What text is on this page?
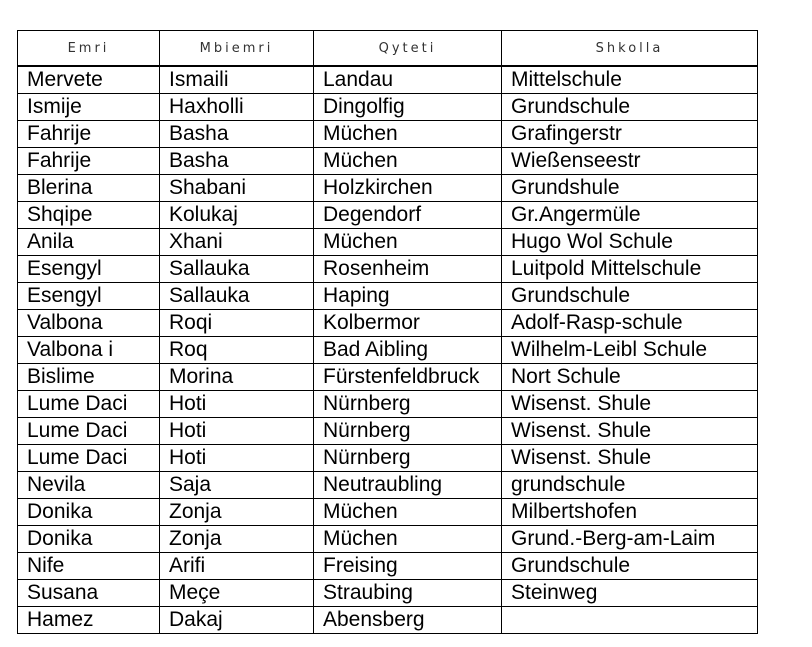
Emri	Mbiemri	Qyteti	Shkolla
Mervete	Ismaili	Landau	Mittelschule
Ismije	Haxholli	Dingolfig	Grundschule
Fahrije	Basha	Müchen	Grafingerstr
Fahrije	Basha	Müchen	Wießenseestr
Blerina	Shabani	Holzkirchen	Grundshule
Shqipe	Kolukaj	Degendorf	Gr.Angermüle
Anila	Xhani	Müchen	Hugo Wol Schule
Esengyl	Sallauka	Rosenheim	Luitpold Mittelschule
Esengyl	Sallauka	Haping	Grundschule
Valbona	Roqi	Kolbermor	Adolf-Rasp-schule
Valbona i	Roq	Bad Aibling	Wilhelm-Leibl Schule
Bislime	Morina	Fürstenfeldbruck	Nort Schule
Lume Daci	Hoti	Nürnberg	Wisenst. Shule
Lume Daci	Hoti	Nürnberg	Wisenst. Shule
Lume Daci	Hoti	Nürnberg	Wisenst. Shule
Nevila	Saja	Neutraubling	grundschule
Donika	Zonja	Müchen	Milbertshofen
Donika	Zonja	Müchen	Grund.-Berg-am-Laim
Nife	Arifi	Freising	Grundschule
Susana	Meçe	Straubing	Steinweg
Hamez	Dakaj	Abensberg	
